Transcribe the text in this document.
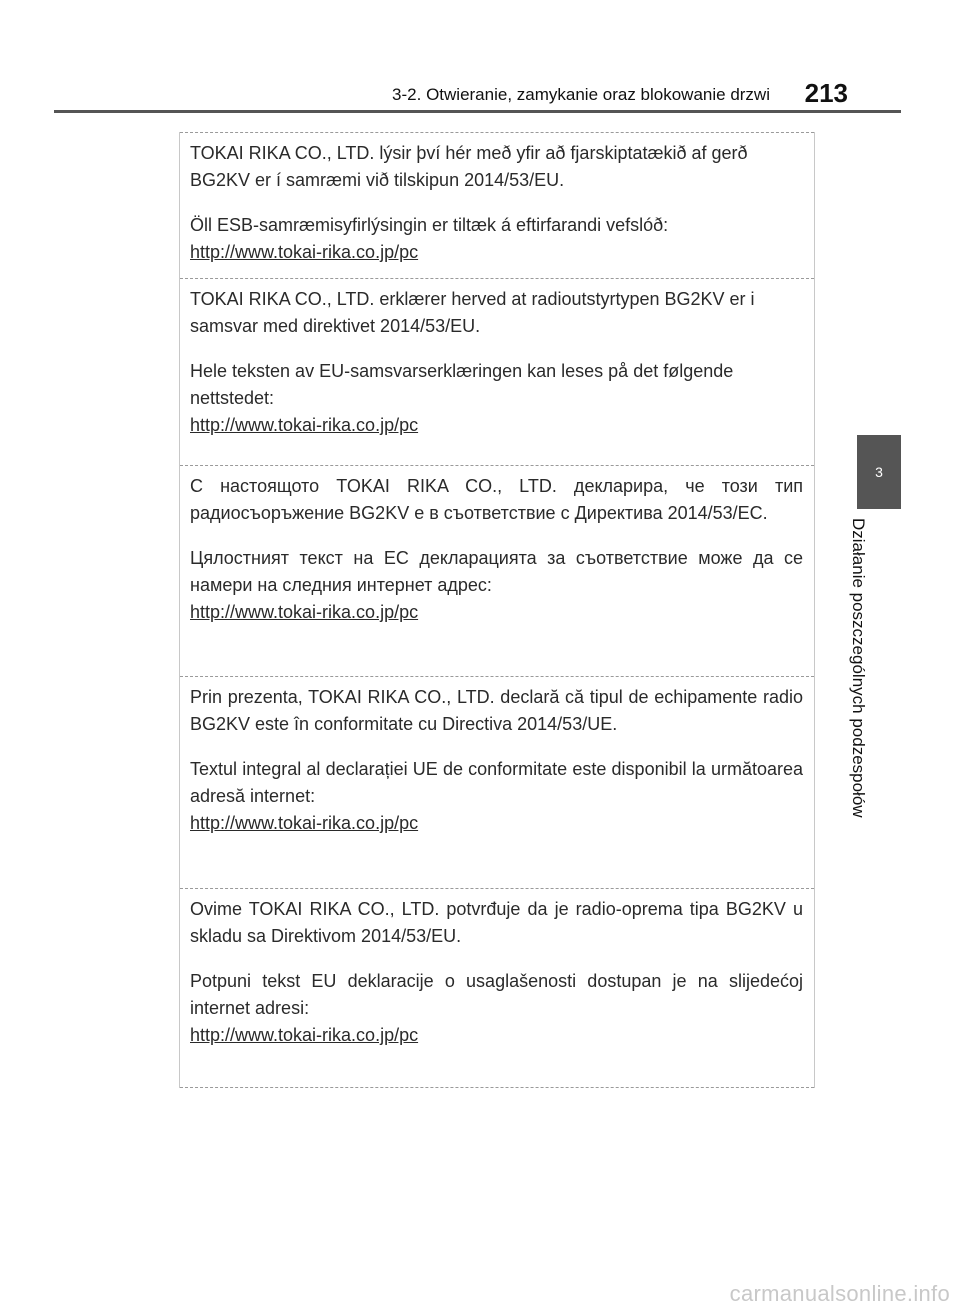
3-2. Otwieranie, zamykanie oraz blokowanie drzwi 213
3
Działanie poszczególnych podzespołów

TOKAI RIKA CO., LTD. lýsir því hér með yfir að fjarskiptatækið af gerð BG2KV er í samræmi við tilskipun 2014/53/EU.

Öll ESB-samræmisyfirlýsingin er tiltæk á eftirfarandi vefslóð:

http://www.tokai-rika.co.jp/pc

TOKAI RIKA CO., LTD. erklærer herved at radioutstyrtypen BG2KV er i samsvar med direktivet 2014/53/EU.

Hele teksten av EU-samsvarserklæringen kan leses på det følgende nettstedet:

http://www.tokai-rika.co.jp/pc

С настоящото TOKAI RIKA CO., LTD. декларира, че този тип радиосъоръжение BG2KV е в съответствие с Директива 2014/53/ЕС.

Цялостният текст на ЕС декларацията за съответствие може да се намери на следния интернет адрес:

http://www.tokai-rika.co.jp/pc

Prin prezenta, TOKAI RIKA CO., LTD. declară că tipul de echipamente radio BG2KV este în conformitate cu Directiva 2014/53/UE.

Textul integral al declarației UE de conformitate este disponibil la următoarea adresă internet:

http://www.tokai-rika.co.jp/pc

Ovime TOKAI RIKA CO., LTD. potvrđuje da je radio-oprema tipa BG2KV u skladu sa Direktivom 2014/53/EU.

Potpuni tekst EU deklaracije o usaglašenosti dostupan je na slijedećoj internet adresi:

http://www.tokai-rika.co.jp/pc

carmanualsonline.info
